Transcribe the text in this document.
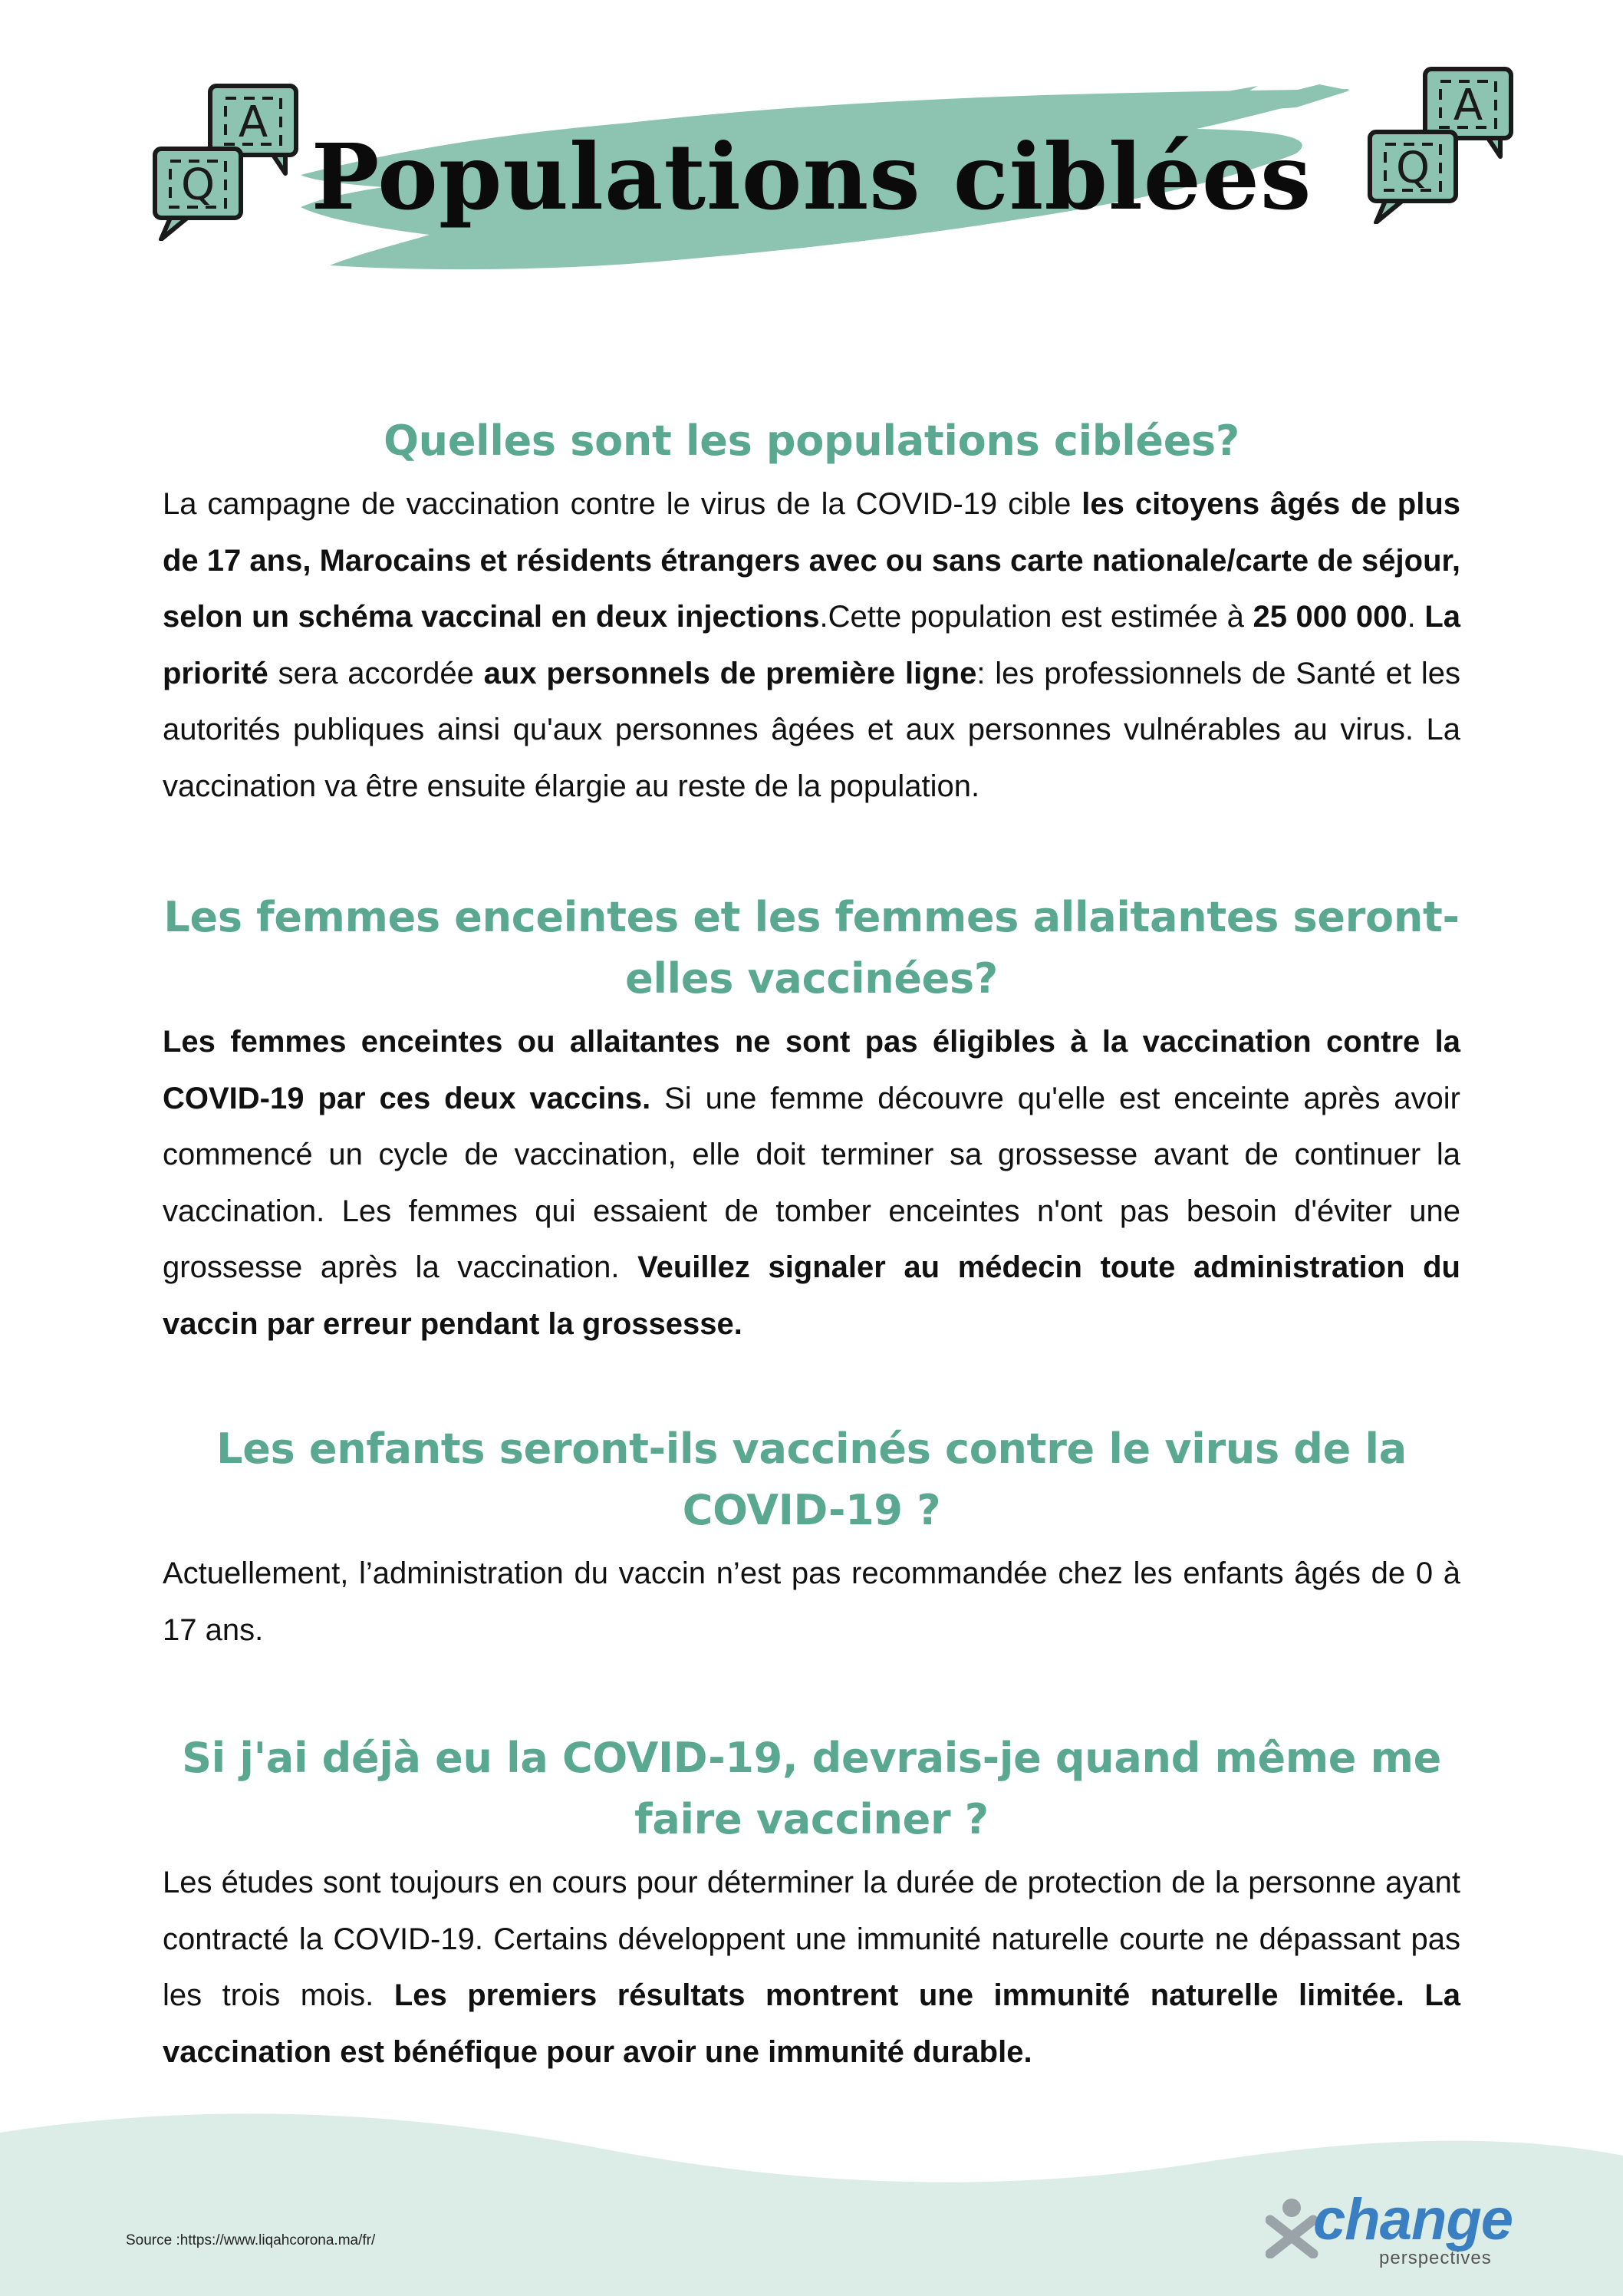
A
Q
A
Q
Populations ciblées
Quelles sont les populations ciblées?

La campagne de vaccination contre le virus de la COVID-19 cible les citoyens âgés de plus de 17 ans, Marocains et résidents étrangers avec ou sans carte nationale/carte de séjour, selon un schéma vaccinal en deux injections.Cette population est estimée à 25 000 000. La priorité sera accordée aux personnels de première ligne: les professionnels de Santé et les autorités publiques ainsi qu'aux personnes âgées et aux personnes vulnérables au virus. La vaccination va être ensuite élargie au reste de la population.

Les femmes enceintes et les femmes allaitantes seront-elles vaccinées?

Les femmes enceintes ou allaitantes ne sont pas éligibles à la vaccination contre la COVID-19 par ces deux vaccins. Si une femme découvre qu'elle est enceinte après avoir commencé un cycle de vaccination, elle doit terminer sa grossesse avant de continuer la vaccination. Les femmes qui essaient de tomber enceintes n'ont pas besoin d'éviter une grossesse après la vaccination. Veuillez signaler au médecin toute administration du vaccin par erreur pendant la grossesse.

Les enfants seront-ils vaccinés contre le virus de la COVID-19 ?

Actuellement, l’administration du vaccin n’est pas recommandée chez les enfants âgés de 0 à 17 ans.

Si j'ai déjà eu la COVID-19, devrais-je quand même me faire vacciner ?

Les études sont toujours en cours pour déterminer la durée de protection de la personne ayant contracté la COVID-19. Certains développent une immunité naturelle courte ne dépassant pas les trois mois. Les premiers résultats montrent une immunité naturelle limitée. La vaccination est bénéfique pour avoir une immunité durable.

Source :https://www.liqahcorona.ma/fr/	change
perspectives
